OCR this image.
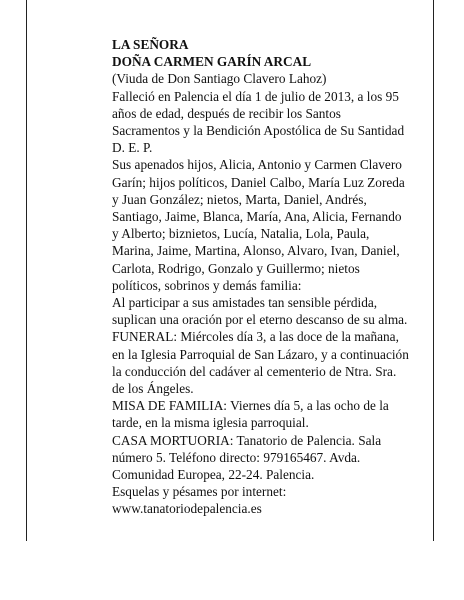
LA SEÑORA

DOÑA CARMEN GARÍN ARCAL

(Viuda de Don Santiago Clavero Lahoz)

Falleció en Palencia el día 1 de julio de 2013, a los 95
años de edad, después de recibir los Santos
Sacramentos y la Bendición Apostólica de Su Santidad
D. E. P.

Sus apenados hijos, Alicia, Antonio y Carmen Clavero
Garín; hijos políticos, Daniel Calbo, María Luz Zoreda
y Juan González; nietos, Marta, Daniel, Andrés,
Santiago, Jaime, Blanca, María, Ana, Alicia, Fernando
y Alberto; biznietos, Lucía, Natalia, Lola, Paula,
Marina, Jaime, Martina, Alonso, Alvaro, Ivan, Daniel,
Carlota, Rodrigo, Gonzalo y Guillermo; nietos
políticos, sobrinos y demás familia:

Al participar a sus amistades tan sensible pérdida,
suplican una oración por el eterno descanso de su alma.

FUNERAL: Miércoles día 3, a las doce de la mañana,
en la Iglesia Parroquial de San Lázaro, y a continuación
la conducción del cadáver al cementerio de Ntra. Sra.
de los Ángeles.

MISA DE FAMILIA: Viernes día 5, a las ocho de la
tarde, en la misma iglesia parroquial.

CASA MORTUORIA: Tanatorio de Palencia. Sala
número 5. Teléfono directo: 979165467. Avda.
Comunidad Europea, 22-24. Palencia.

Esquelas y pésames por internet:
www.tanatoriodepalencia.es
